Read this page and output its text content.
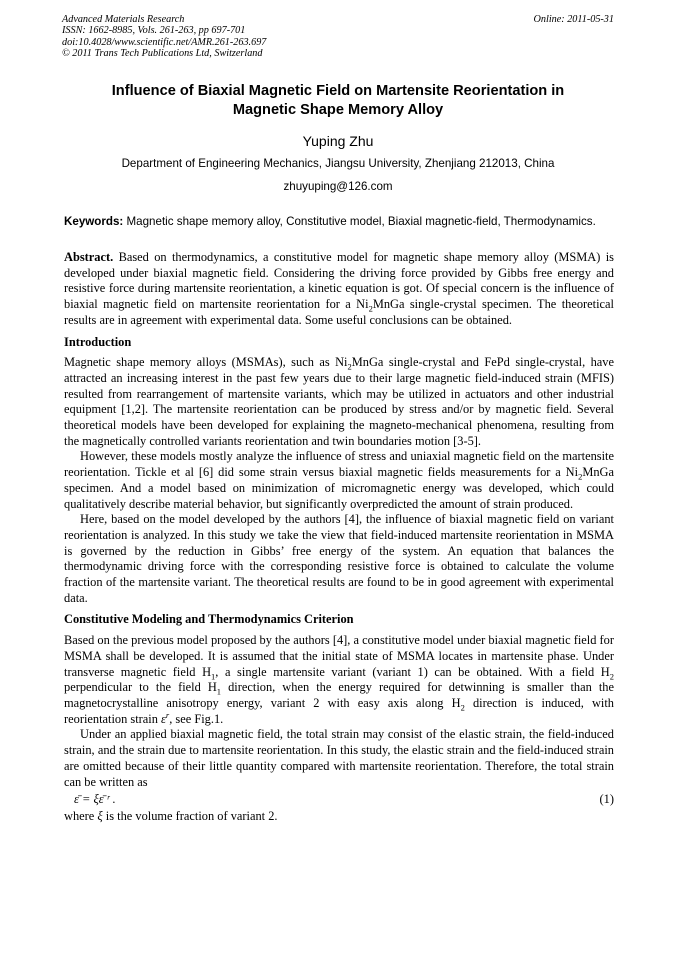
Advanced Materials Research
ISSN: 1662-8985, Vols. 261-263, pp 697-701
doi:10.4028/www.scientific.net/AMR.261-263.697
© 2011 Trans Tech Publications Ltd, Switzerland
Online: 2011-05-31
Influence of Biaxial Magnetic Field on Martensite Reorientation in
Magnetic Shape Memory Alloy
Yuping Zhu
Department of Engineering Mechanics, Jiangsu University, Zhenjiang 212013, China
zhuyuping@126.com
Keywords: Magnetic shape memory alloy, Constitutive model, Biaxial magnetic-field, Thermodynamics.

Abstract. Based on thermodynamics, a constitutive model for magnetic shape memory alloy (MSMA) is developed under biaxial magnetic field. Considering the driving force provided by Gibbs free energy and resistive force during martensite reorientation, a kinetic equation is got. Of special concern is the influence of biaxial magnetic field on martensite reorientation for a $Ni_2MnGa$ single-crystal specimen. The theoretical results are in agreement with experimental data. Some useful conclusions can be obtained.

Introduction

Magnetic shape memory alloys (MSMAs), such as $Ni_2MnGa$ single-crystal and FePd single-crystal, have attracted an increasing interest in the past few years due to their large magnetic field-induced strain (MFIS) resulted from rearrangement of martensite variants, which may be utilized in actuators and other industrial equipment [1,2]. The martensite reorientation can be produced by stress and/or by magnetic field. Several theoretical models have been developed for explaining the magneto-mechanical phenomena, resulting from the magnetically controlled variants reorientation and twin boundaries motion [3-5].

However, these models mostly analyze the influence of stress and uniaxial magnetic field on the martensite reorientation. Tickle et al [6] did some strain versus biaxial magnetic fields measurements for a $Ni_2MnGa$ specimen. And a model based on minimization of micromagnetic energy was developed, which could qualitatively describe material behavior, but significantly overpredicted the amount of strain produced.

Here, based on the model developed by the authors [4], the influence of biaxial magnetic field on variant reorientation is analyzed. In this study we take the view that field-induced martensite reorientation in MSMA is governed by the reduction in Gibbs’ free energy of the system. An equation that balances the thermodynamic driving force with the corresponding resistive force is obtained to calculate the volume fraction of the martensite variant. The theoretical results are found to be in good agreement with experimental data.

Constitutive Modeling and Thermodynamics Criterion

Based on the previous model proposed by the authors [4], a constitutive model under biaxial magnetic field for MSMA shall be developed. It is assumed that the initial state of MSMA locates in martensite phase. Under transverse magnetic field $H_1$, a single martensite variant (variant 1) can be obtained. With a field $H_2$ perpendicular to the field $H_1$ direction, when the energy required for detwinning is smaller than the magnetocrystalline anisotropy energy, variant 2 with easy axis along $H_2$ direction is induced, with reorientation strain $\varepsilon^r$, see Fig.1.

Under an applied biaxial magnetic field, the total strain may consist of the elastic strain, the field-induced strain, and the strain due to martensite reorientation. In this study, the elastic strain and the field-induced strain are omitted because of their little quantity compared with martensite reorientation. Therefore, the total strain can be written as

ε̄ = ξε̄ ʳ .	(1)

where ξ is the volume fraction of variant 2.
